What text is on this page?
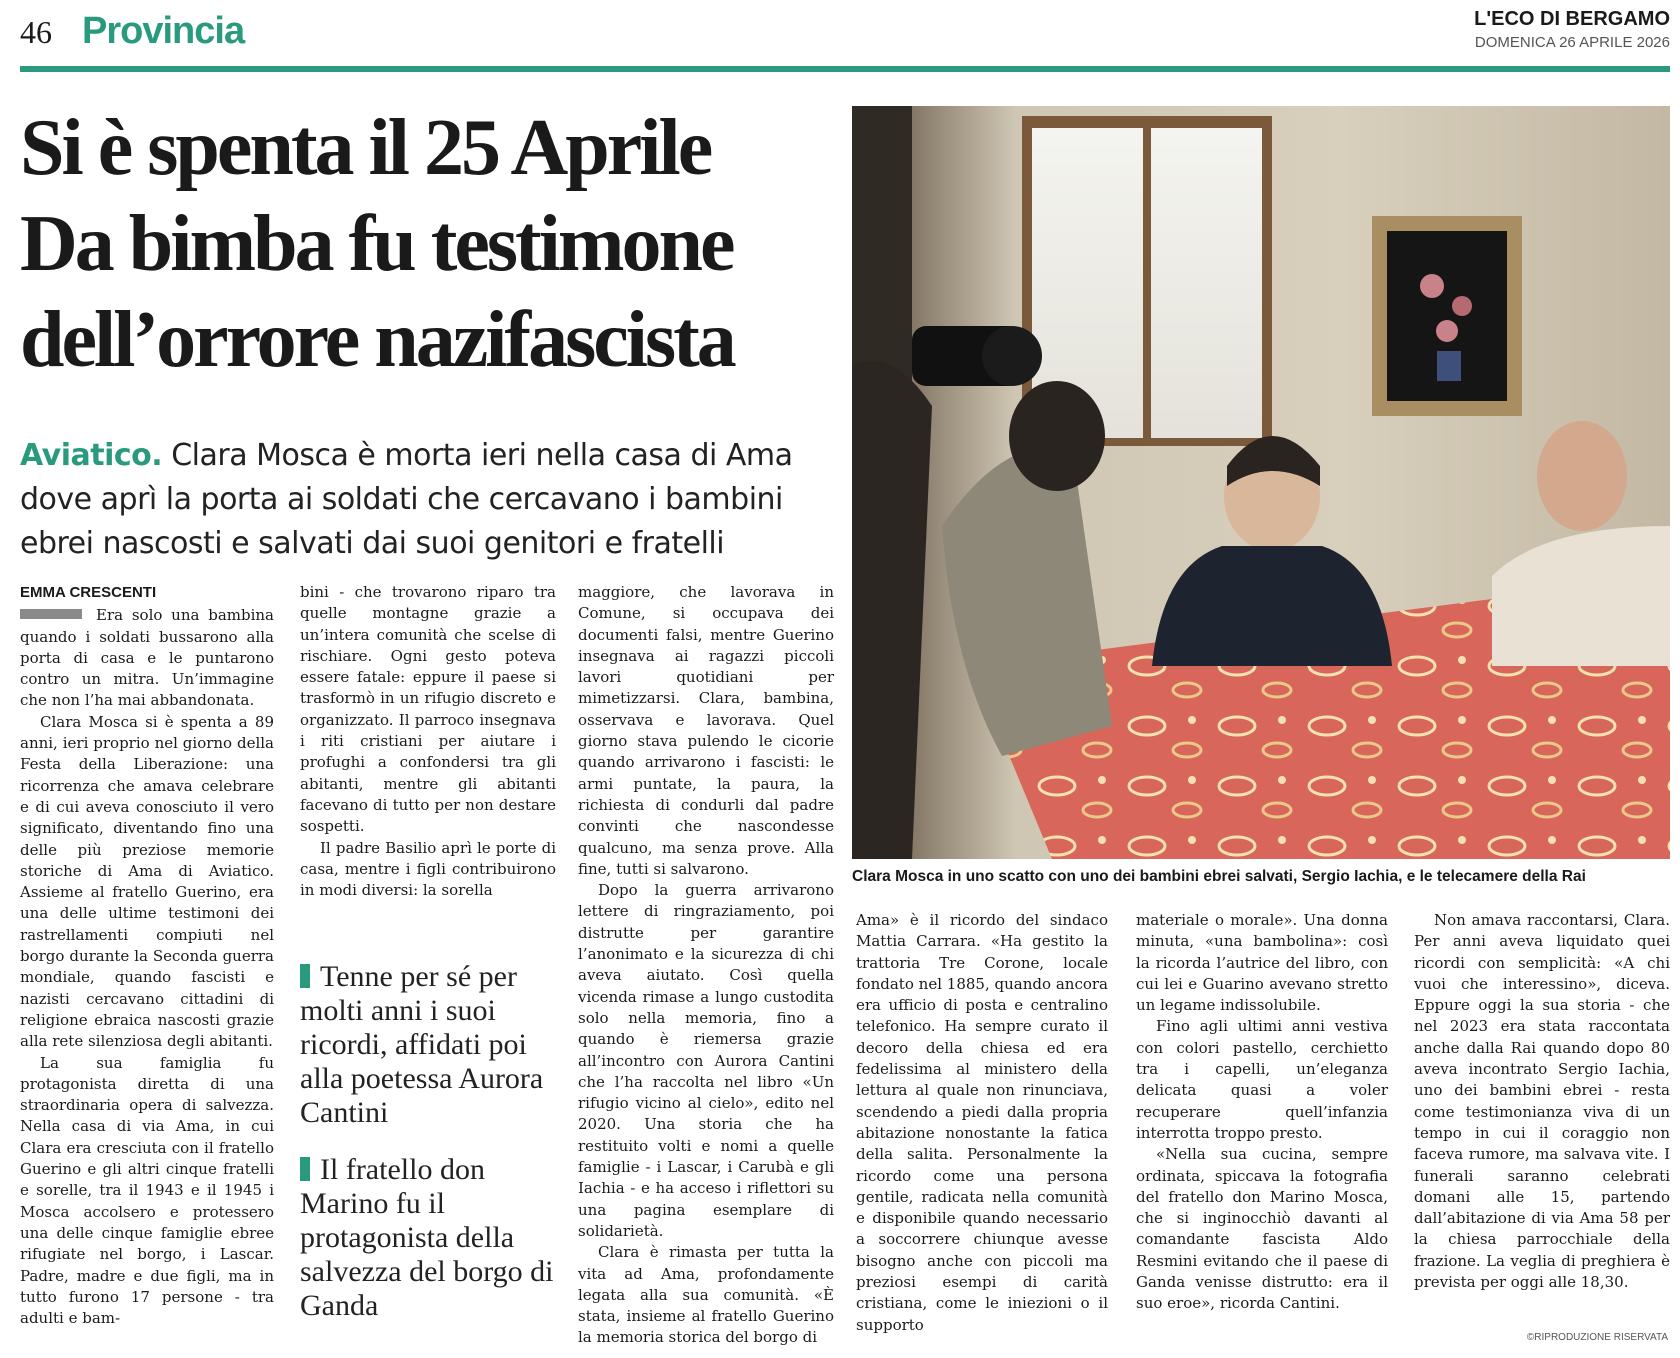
46 Provincia	L'ECO DI BERGAMO
DOMENICA 26 APRILE 2026
Si è spenta il 25 Aprile
Da bimba fu testimone
dell’orrore nazifascista
Aviatico. Clara Mosca è morta ieri nella casa di Ama dove aprì la porta ai soldati che cercavano i bambini ebrei nascosti e salvati dai suoi genitori e fratelli
Clara Mosca in uno scatto con uno dei bambini ebrei salvati, Sergio Iachia, e le telecamere della Rai
EMMA CRESCENTI

Era solo una bambina quando i soldati bussarono alla porta di casa e le puntarono contro un mitra. Un’immagine che non l’ha mai abbandonata.

Clara Mosca si è spenta a 89 anni, ieri proprio nel giorno della Festa della Liberazione: una ricorrenza che amava celebrare e di cui aveva conosciuto il vero significato, diventando fino una delle più preziose memorie storiche di Ama di Aviatico. Assieme al fratello Guerino, era una delle ultime testimoni dei rastrellamenti compiuti nel borgo durante la Seconda guerra mondiale, quando fascisti e nazisti cercavano cittadini di religione ebraica nascosti grazie alla rete silenziosa degli abitanti.

La sua famiglia fu protagonista diretta di una straordinaria opera di salvezza. Nella casa di via Ama, in cui Clara era cresciuta con il fratello Guerino e gli altri cinque fratelli e sorelle, tra il 1943 e il 1945 i Mosca accolsero e protessero una delle cinque famiglie ebree rifugiate nel borgo, i Lascar. Padre, madre e due figli, ma in tutto furono 17 persone - tra adulti e bam-

bini - che trovarono riparo tra quelle montagne grazie a un’intera comunità che scelse di rischiare. Ogni gesto poteva essere fatale: eppure il paese si trasformò in un rifugio discreto e organizzato. Il parroco insegnava i riti cristiani per aiutare i profughi a confondersi tra gli abitanti, mentre gli abitanti facevano di tutto per non destare sospetti.

Il padre Basilio aprì le porte di casa, mentre i figli contribuirono in modi diversi: la sorella

Tenne per sé per molti anni i suoi ricordi, affidati poi alla poetessa Aurora Cantini
Il fratello don Marino fu il protagonista della salvezza del borgo di Ganda

maggiore, che lavorava in Comune, si occupava dei documenti falsi, mentre Guerino insegnava ai ragazzi piccoli lavori quotidiani per mimetizzarsi. Clara, bambina, osservava e lavorava. Quel giorno stava pulendo le cicorie quando arrivarono i fascisti: le armi puntate, la paura, la richiesta di condurli dal padre convinti che nascondesse qualcuno, ma senza prove. Alla fine, tutti si salvarono.

Dopo la guerra arrivarono lettere di ringraziamento, poi distrutte per garantire l’anonimato e la sicurezza di chi aveva aiutato. Così quella vicenda rimase a lungo custodita solo nella memoria, fino a quando è riemersa grazie all’incontro con Aurora Cantini che l’ha raccolta nel libro «Un rifugio vicino al cielo», edito nel 2020. Una storia che ha restituito volti e nomi a quelle famiglie - i Lascar, i Carubà e gli Iachia - e ha acceso i riflettori su una pagina esemplare di solidarietà.

Clara è rimasta per tutta la vita ad Ama, profondamente legata alla sua comunità. «È stata, insieme al fratello Guerino la memoria storica del borgo di

Ama» è il ricordo del sindaco Mattia Carrara. «Ha gestito la trattoria Tre Corone, locale fondato nel 1885, quando ancora era ufficio di posta e centralino telefonico. Ha sempre curato il decoro della chiesa ed era fedelissima al ministero della lettura al quale non rinunciava, scendendo a piedi dalla propria abitazione nonostante la fatica della salita. Personalmente la ricordo come una persona gentile, radicata nella comunità e disponibile quando necessario a soccorrere chiunque avesse bisogno anche con piccoli ma preziosi esempi di carità cristiana, come le iniezioni o il supporto

materiale o morale». Una donna minuta, «una bambolina»: così la ricorda l’autrice del libro, con cui lei e Guarino avevano stretto un legame indissolubile.

Fino agli ultimi anni vestiva con colori pastello, cerchietto tra i capelli, un’eleganza delicata quasi a voler recuperare quell’infanzia interrotta troppo presto.

«Nella sua cucina, sempre ordinata, spiccava la fotografia del fratello don Marino Mosca, che si inginocchiò davanti al comandante fascista Aldo Resmini evitando che il paese di Ganda venisse distrutto: era il suo eroe», ricorda Cantini.

Non amava raccontarsi, Clara. Per anni aveva liquidato quei ricordi con semplicità: «A chi vuoi che interessino», diceva. Eppure oggi la sua storia - che nel 2023 era stata raccontata anche dalla Rai quando dopo 80 aveva incontrato Sergio Iachia, uno dei bambini ebrei - resta come testimonianza viva di un tempo in cui il coraggio non faceva rumore, ma salvava vite. I funerali saranno celebrati domani alle 15, partendo dall’abitazione di via Ama 58 per la chiesa parrocchiale della frazione. La veglia di preghiera è prevista per oggi alle 18,30.

©RIPRODUZIONE RISERVATA
